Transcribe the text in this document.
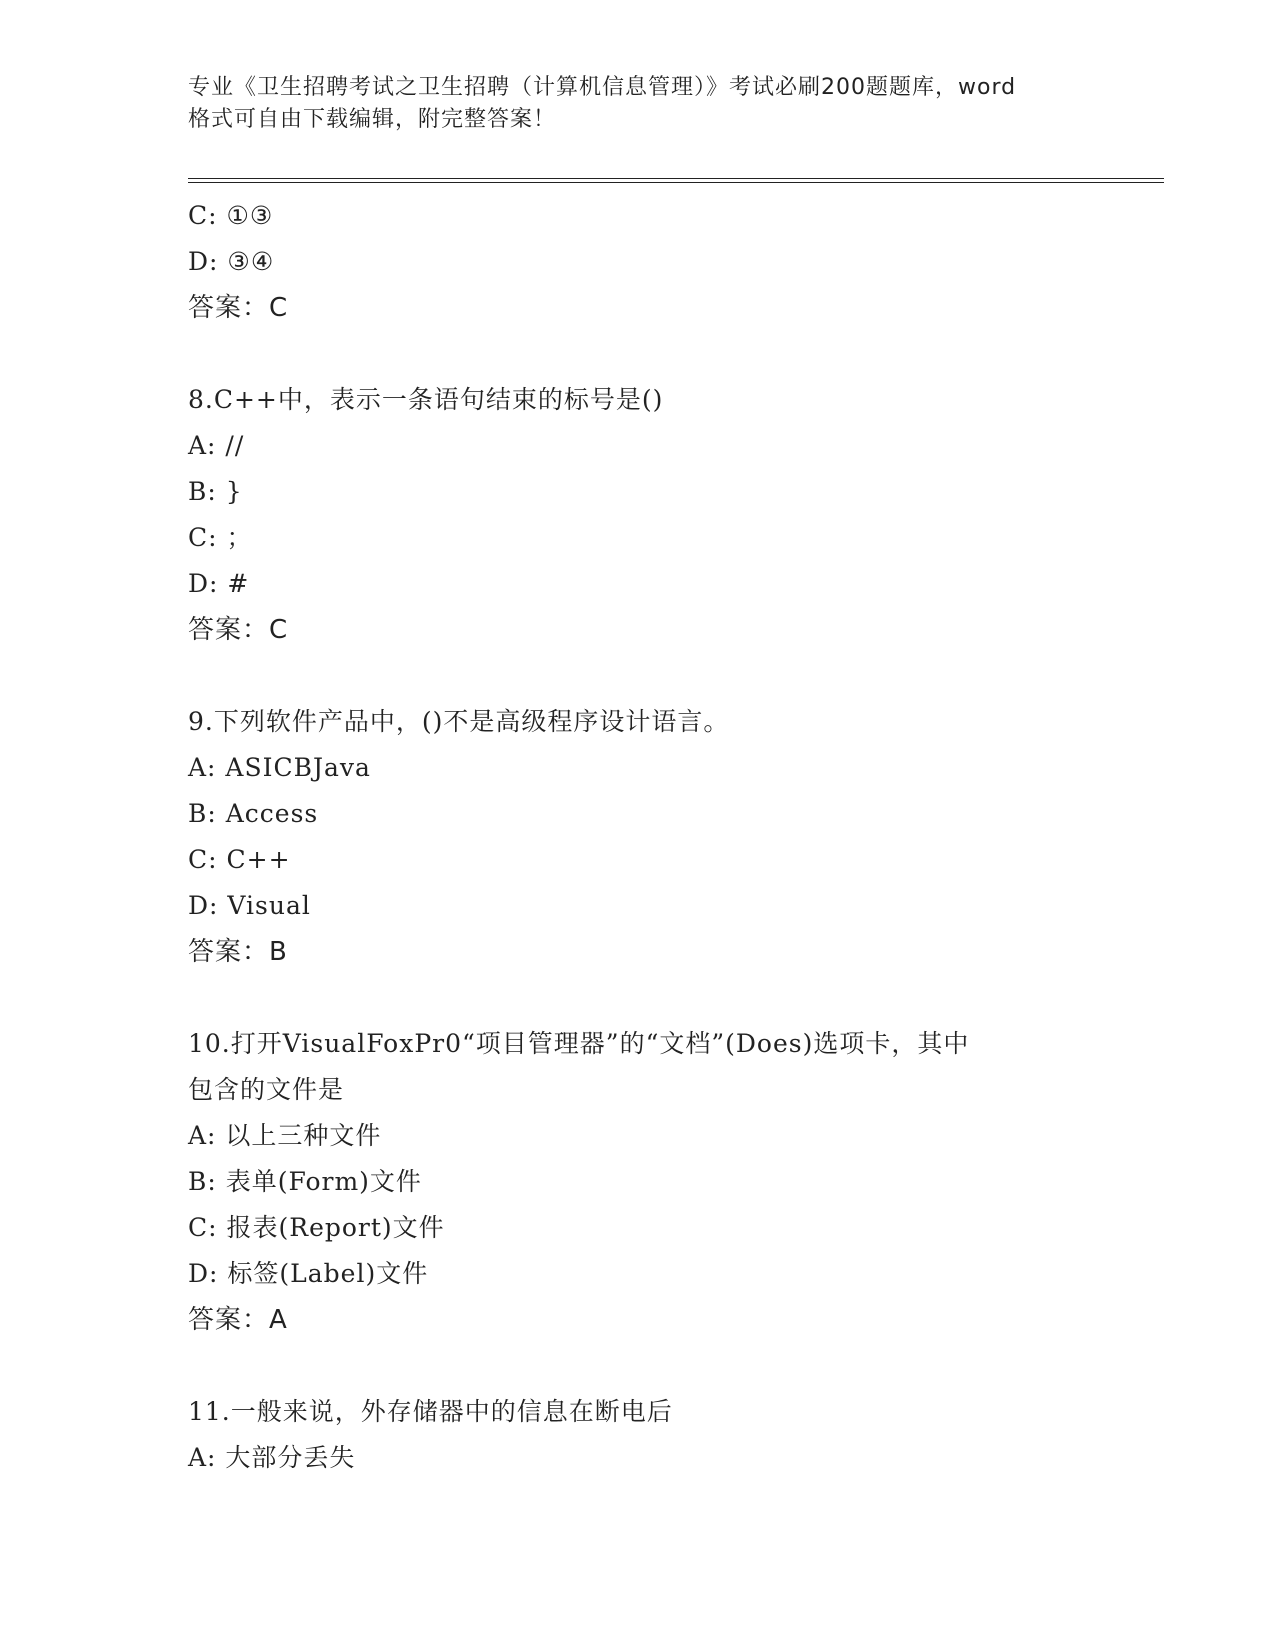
专业《卫生招聘考试之卫生招聘（计算机信息管理）》考试必刷200题题库，word
格式可自由下载编辑，附完整答案！
C: ①③
D: ③④
答案：C
8.C++中，表示一条语句结束的标号是()
A: //
B: }
C: ；
D: #
答案：C
9.下列软件产品中，()不是高级程序设计语言。
A: ASICBJava
B: Access
C: C++
D: Visual
答案：B
10.打开VisualFoxPr0“项目管理器”的“文档”(Does)选项卡，其中
包含的文件是
A: 以上三种文件
B: 表单(Form)文件
C: 报表(Report)文件
D: 标签(Label)文件
答案：A
11.一般来说，外存储器中的信息在断电后
A: 大部分丢失
